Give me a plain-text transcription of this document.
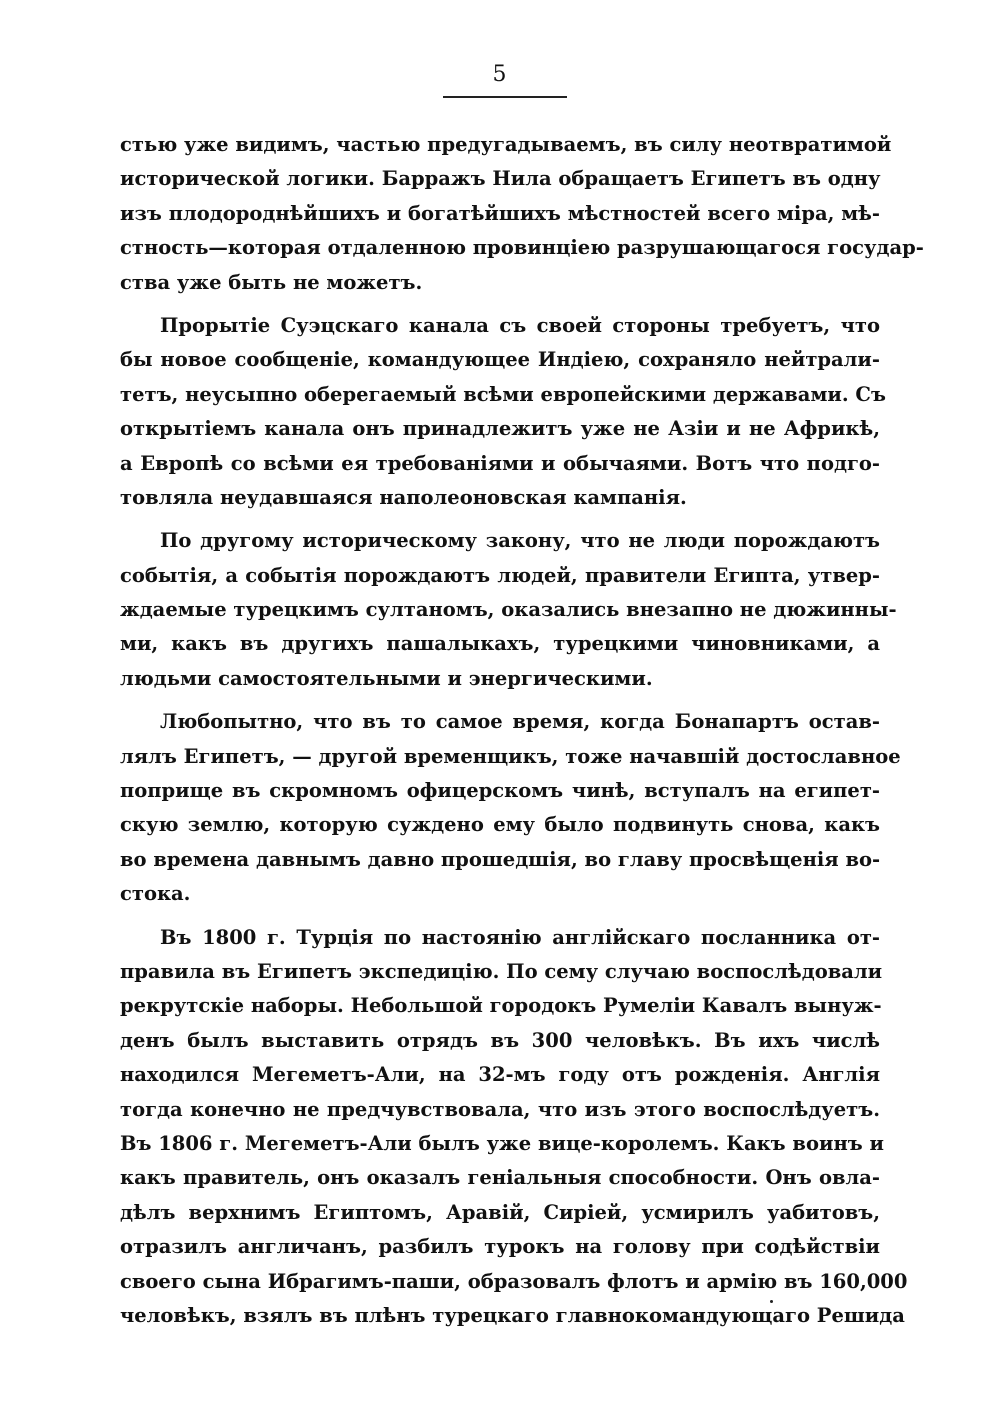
5
стью уже видимъ, частью предугадываемъ, въ силу неотвратимой
исторической логики. Барражъ Нила обращаетъ Египетъ въ одну
изъ плодороднѣйшихъ и богатѣйшихъ мѣстностей всего міра, мѣ-
стность—которая отдаленною провинціею разрушающагося государ-
ства уже быть не можетъ.
Прорытіе Суэцскаго канала съ своей стороны требуетъ, что
бы новое сообщеніе, командующее Индіею, сохраняло нейтрали-
тетъ, неусыпно оберегаемый всѣми европейскими державами. Съ
открытіемъ канала онъ принадлежитъ уже не Азіи и не Африкѣ,
а Европѣ со всѣми ея требованіями и обычаями. Вотъ что подго-
товляла неудавшаяся наполеоновская кампанія.
По другому историческому закону, что не люди порождаютъ
событія, а событія порождаютъ людей, правители Египта, утвер-
ждаемые турецкимъ султаномъ, оказались внезапно не дюжинны-
ми, какъ въ другихъ пашалыкахъ, турецкими чиновниками, а
людьми самостоятельными и энергическими.
Любопытно, что въ то самое время, когда Бонапартъ остав-
лялъ Египетъ, — другой временщикъ, тоже начавшій достославное
поприще въ скромномъ офицерскомъ чинѣ, вступалъ на египет-
скую землю, которую суждено ему было подвинуть снова, какъ
во времена давнымъ давно прошедшія, во главу просвѣщенія во-
стока.
Въ 1800 г. Турція по настоянію англійскаго посланника от-
правила въ Египетъ экспедицію. По сему случаю воспослѣдовали
рекрутскіе наборы. Небольшой городокъ Румеліи Кавалъ вынуж-
денъ былъ выставить отрядъ въ 300 человѣкъ. Въ ихъ числѣ
находился Мегеметъ-Али, на 32-мъ году отъ рожденія. Англія
тогда конечно не предчувствовала, что изъ этого воспослѣдуетъ.
Въ 1806 г. Мегеметъ-Али былъ уже вице-королемъ. Какъ воинъ и
какъ правитель, онъ оказалъ геніальныя способности. Онъ овла-
дѣлъ верхнимъ Египтомъ, Аравій, Сиріей, усмирилъ уабитовъ,
отразилъ англичанъ, разбилъ турокъ на голову при содѣйствіи
своего сына Ибрагимъ-паши, образовалъ флотъ и армію въ 160,000
человѣкъ, взялъ въ плѣнъ турецкаго главнокомандующаго Решида
